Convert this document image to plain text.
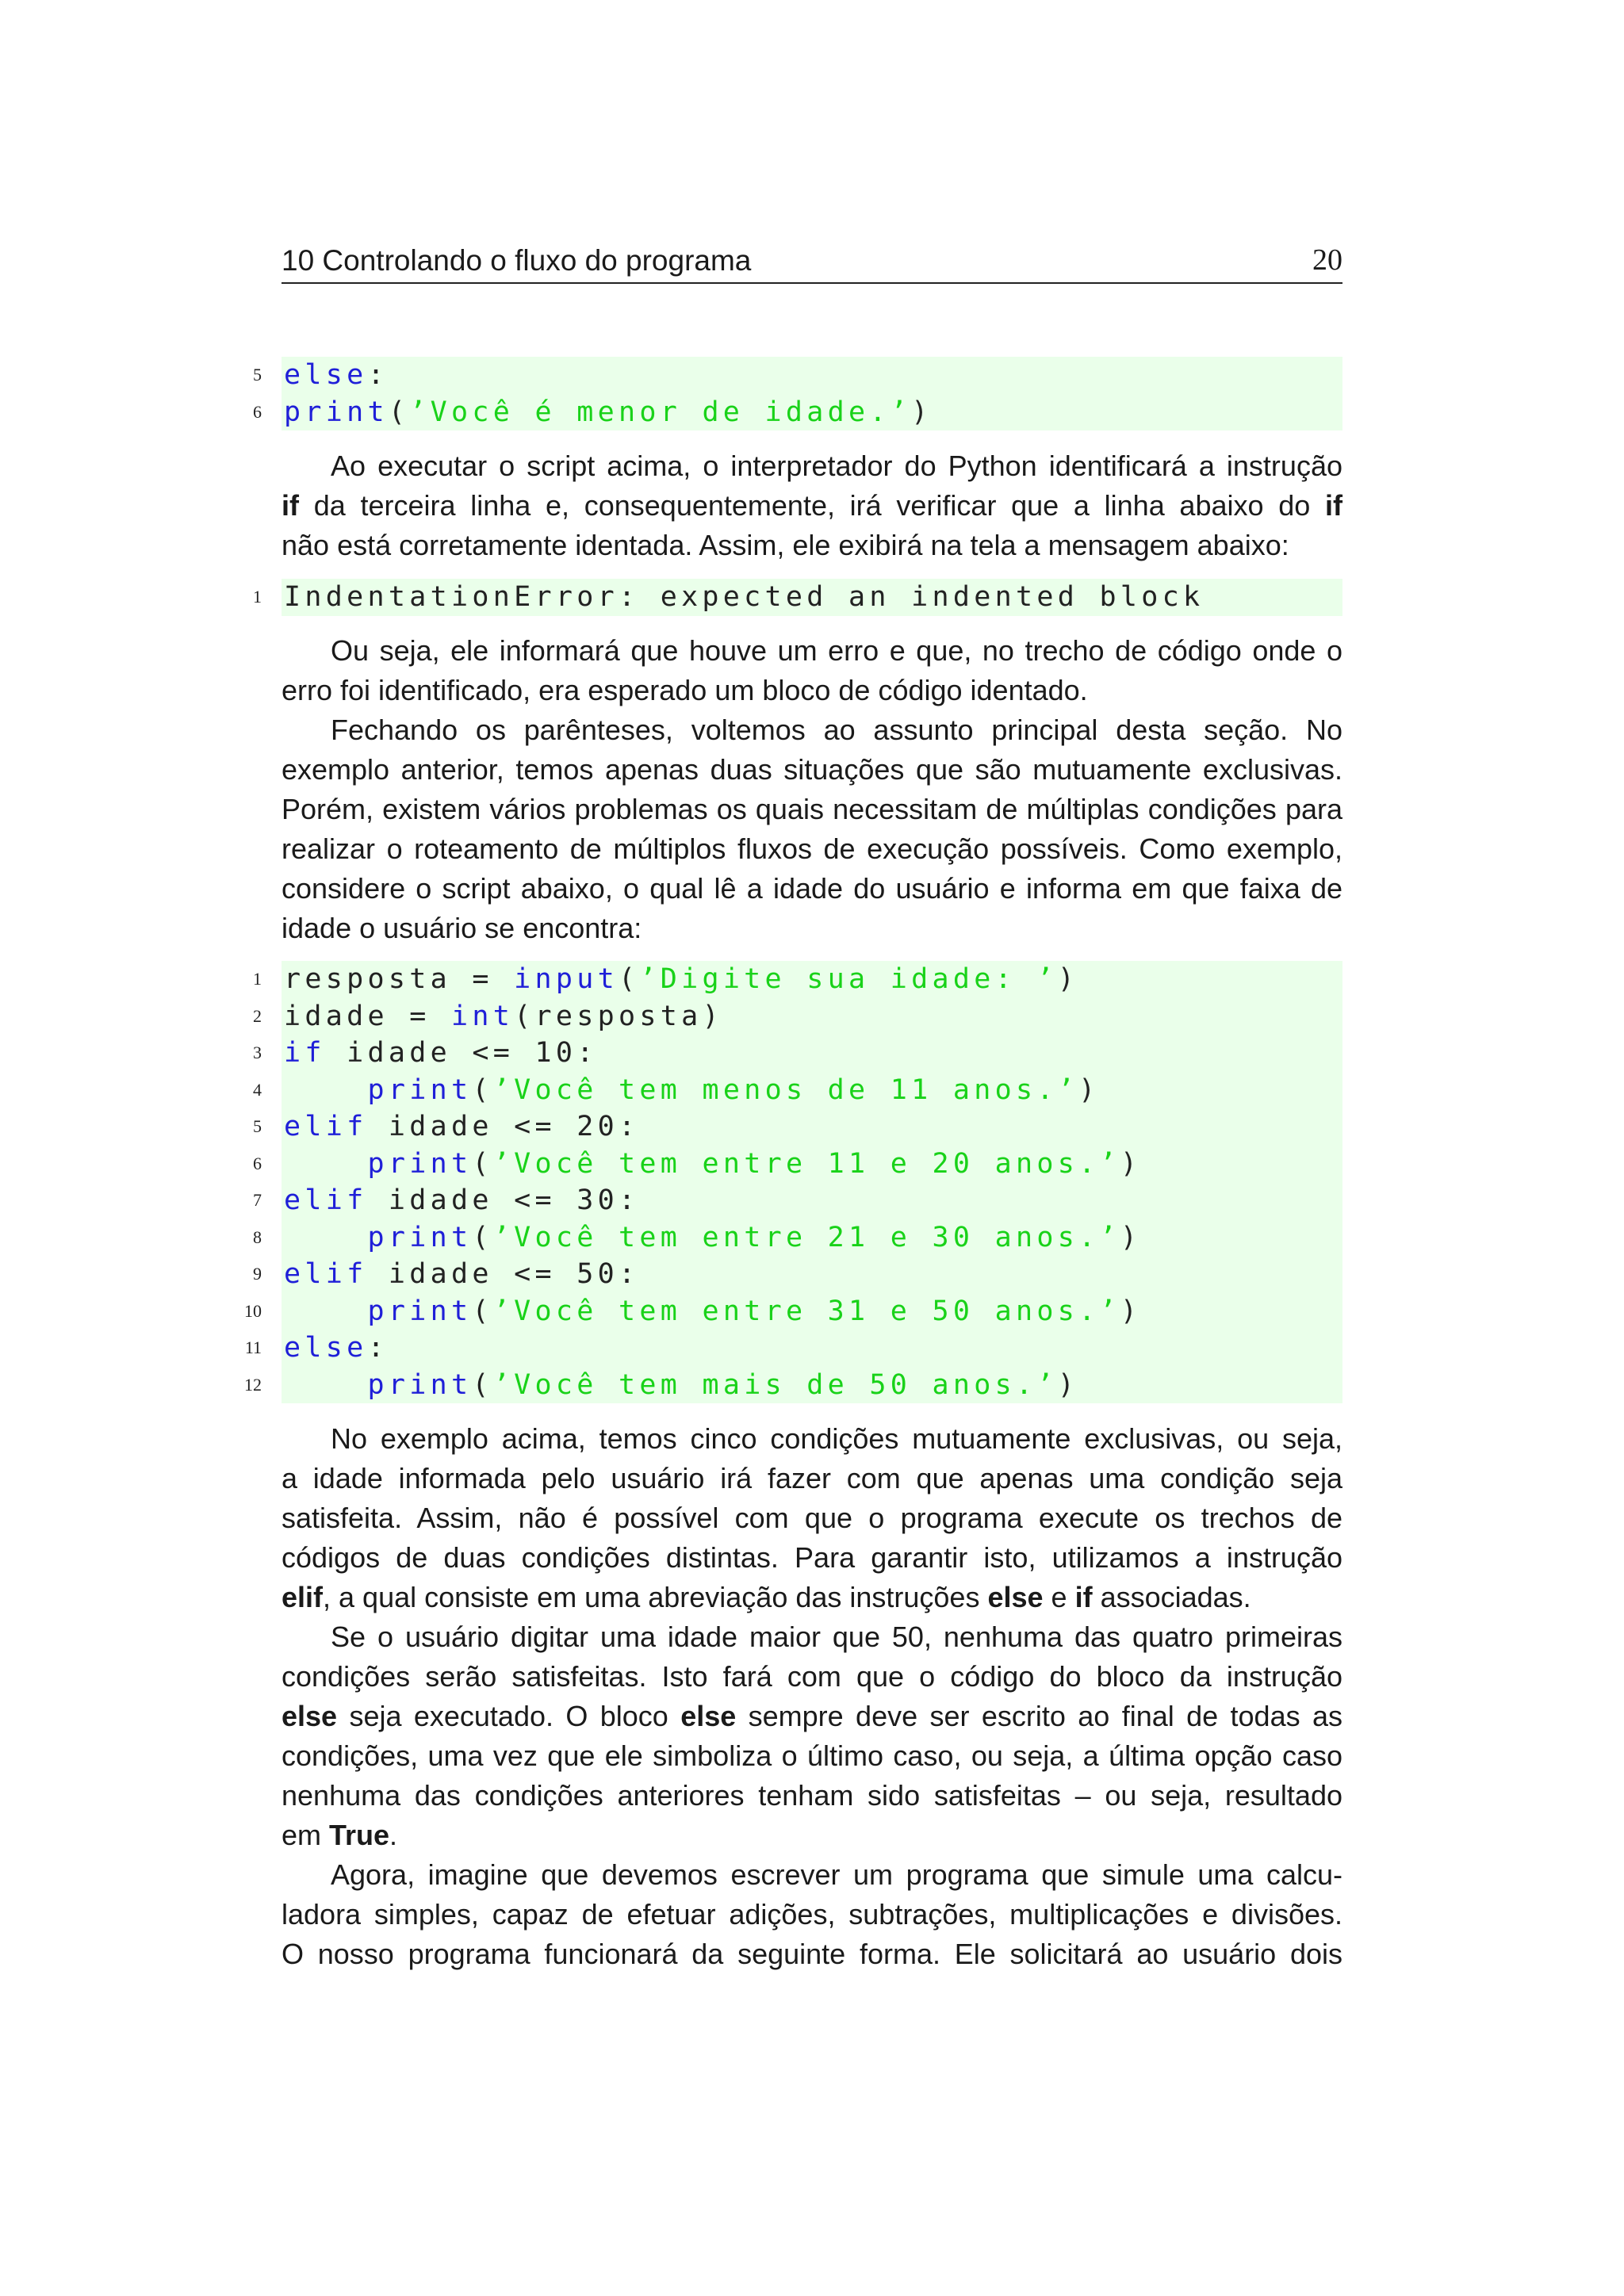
10 Controlando o fluxo do programa	20
5 else:
6 print(’Você é menor de idade.’)
Ao executar o script acima, o interpretador do Python identificará a instrução
if da terceira linha e, consequentemente, irá verificar que a linha abaixo do if
não está corretamente identada. Assim, ele exibirá na tela a mensagem abaixo:
1 IndentationError: expected an indented block
Ou seja, ele informará que houve um erro e que, no trecho de código onde o
erro foi identificado, era esperado um bloco de código identado.
Fechando os parênteses, voltemos ao assunto principal desta seção. No
exemplo anterior, temos apenas duas situações que são mutuamente exclusivas.
Porém, existem vários problemas os quais necessitam de múltiplas condições para
realizar o roteamento de múltiplos fluxos de execução possíveis. Como exemplo,
considere o script abaixo, o qual lê a idade do usuário e informa em que faixa de
idade o usuário se encontra:
1 resposta = input(’Digite sua idade: ’)
2 idade = int(resposta)
3 if idade <= 10:
4	print(’Você tem menos de 11 anos.’)
5 elif idade <= 20:
6	print(’Você tem entre 11 e 20 anos.’)
7 elif idade <= 30:
8	print(’Você tem entre 21 e 30 anos.’)
9 elif idade <= 50:
10	print(’Você tem entre 31 e 50 anos.’)
11 else:
12	print(’Você tem mais de 50 anos.’)
No exemplo acima, temos cinco condições mutuamente exclusivas, ou seja,
a idade informada pelo usuário irá fazer com que apenas uma condição seja
satisfeita. Assim, não é possível com que o programa execute os trechos de
códigos de duas condições distintas. Para garantir isto, utilizamos a instrução
elif, a qual consiste em uma abreviação das instruções else e if associadas.
Se o usuário digitar uma idade maior que 50, nenhuma das quatro primeiras
condições serão satisfeitas. Isto fará com que o código do bloco da instrução
else seja executado. O bloco else sempre deve ser escrito ao final de todas as
condições, uma vez que ele simboliza o último caso, ou seja, a última opção caso
nenhuma das condições anteriores tenham sido satisfeitas – ou seja, resultado
em True.
Agora, imagine que devemos escrever um programa que simule uma calcu-
ladora simples, capaz de efetuar adições, subtrações, multiplicações e divisões.
O nosso programa funcionará da seguinte forma. Ele solicitará ao usuário dois
